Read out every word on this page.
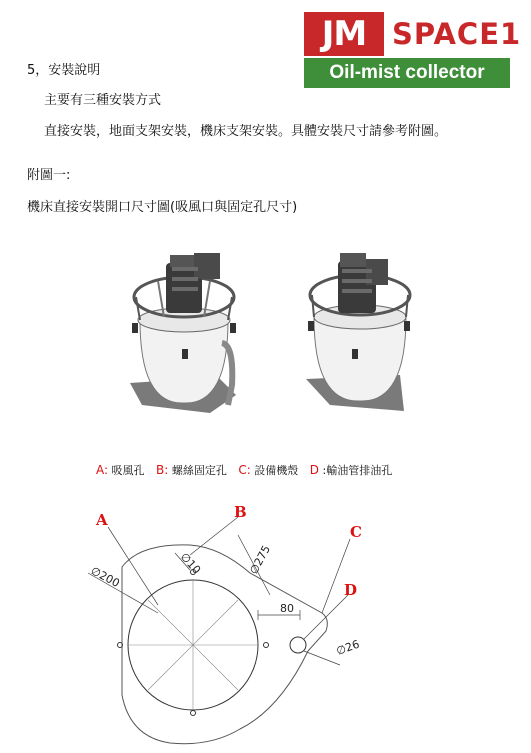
JM SPACE1
Oil-mist collector
5，安裝說明
主要有三種安裝方式
直接安裝，地面支架安裝，機床支架安裝。具體安裝尺寸請參考附圖。
附圖一:
機床直接安裝開口尺寸圖(吸風口與固定孔尺寸)
A: 吸風孔 B: 螺絲固定孔 C: 設備機殼 D :輸油管排油孔
A	B
C
D
∅200
∅10	∅275
80
∅26
